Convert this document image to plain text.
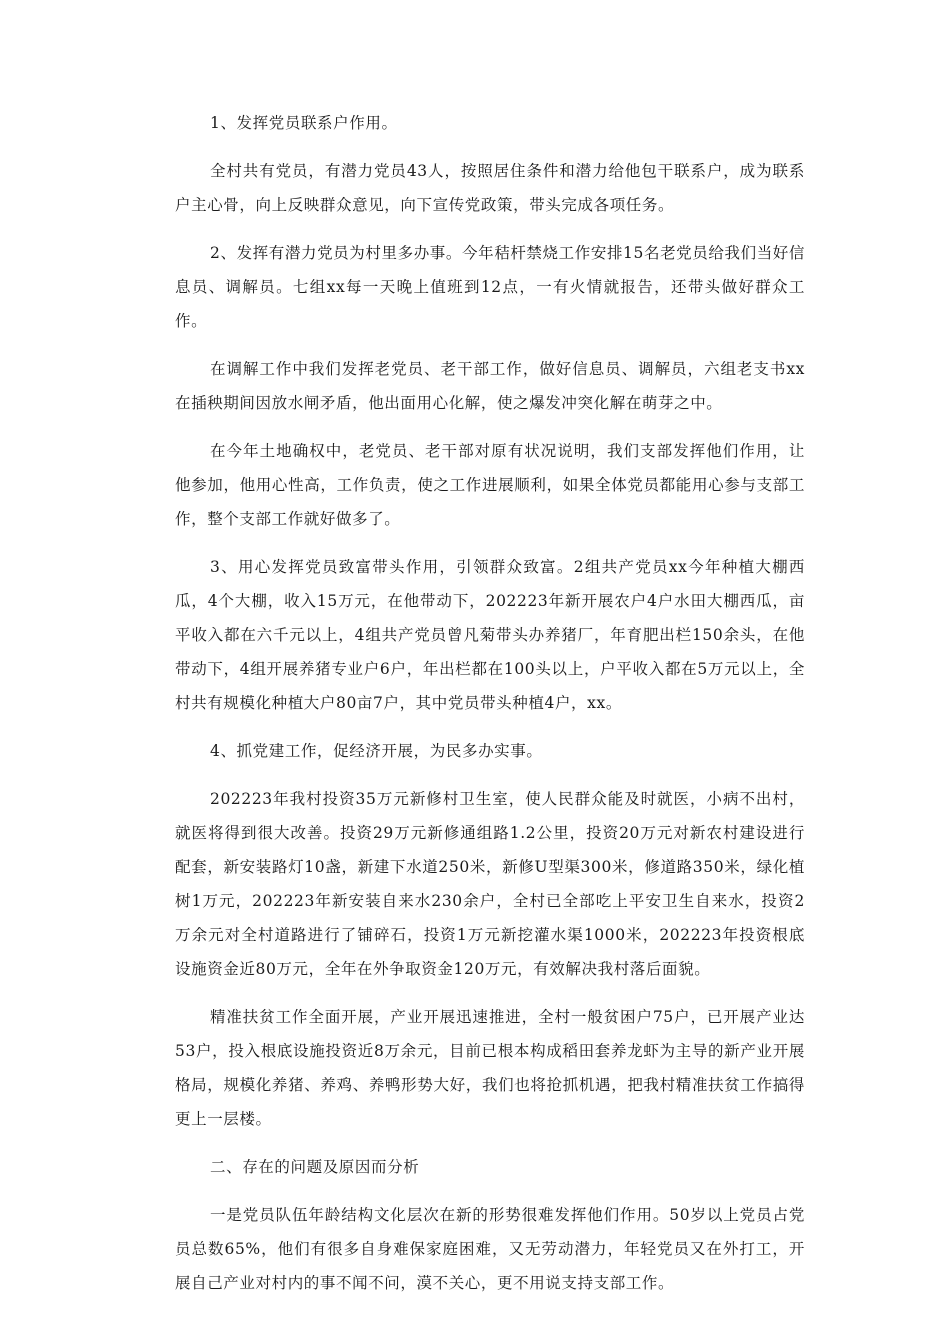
1、发挥党员联系户作用。

全村共有党员，有潜力党员43人，按照居住条件和潜力给他包干联系户，成为联系户主心骨，向上反映群众意见，向下宣传党政策，带头完成各项任务。

2、发挥有潜力党员为村里多办事。今年秸杆禁烧工作安排15名老党员给我们当好信息员、调解员。七组xx每一天晚上值班到12点，一有火情就报告，还带头做好群众工作。

在调解工作中我们发挥老党员、老干部工作，做好信息员、调解员，六组老支书xx在插秧期间因放水闸矛盾，他出面用心化解，使之爆发冲突化解在萌芽之中。

在今年土地确权中，老党员、老干部对原有状况说明，我们支部发挥他们作用，让他参加，他用心性高，工作负责，使之工作进展顺利，如果全体党员都能用心参与支部工作，整个支部工作就好做多了。

3、用心发挥党员致富带头作用，引领群众致富。2组共产党员xx今年种植大棚西瓜，4个大棚，收入15万元，在他带动下，202223年新开展农户4户水田大棚西瓜，亩平收入都在六千元以上，4组共产党员曾凡菊带头办养猪厂，年育肥出栏150余头，在他带动下，4组开展养猪专业户6户，年出栏都在100头以上，户平收入都在5万元以上，全村共有规模化种植大户80亩7户，其中党员带头种植4户，xx。

4、抓党建工作，促经济开展，为民多办实事。

202223年我村投资35万元新修村卫生室，使人民群众能及时就医，小病不出村，就医将得到很大改善。投资29万元新修通组路1.2公里，投资20万元对新农村建设进行配套，新安装路灯10盏，新建下水道250米，新修U型渠300米，修道路350米，绿化植树1万元，202223年新安装自来水230余户，全村已全部吃上平安卫生自来水，投资2万余元对全村道路进行了铺碎石，投资1万元新挖灌水渠1000米，202223年投资根底设施资金近80万元，全年在外争取资金120万元，有效解决我村落后面貌。

精准扶贫工作全面开展，产业开展迅速推进，全村一般贫困户75户，已开展产业达53户，投入根底设施投资近8万余元，目前已根本构成稻田套养龙虾为主导的新产业开展格局，规模化养猪、养鸡、养鸭形势大好，我们也将抢抓机遇，把我村精准扶贫工作搞得更上一层楼。

二、存在的问题及原因而分析

一是党员队伍年龄结构文化层次在新的形势很难发挥他们作用。50岁以上党员占党员总数65%，他们有很多自身难保家庭困难，又无劳动潜力，年轻党员又在外打工，开展自己产业对村内的事不闻不问，漠不关心，更不用说支持支部工作。
